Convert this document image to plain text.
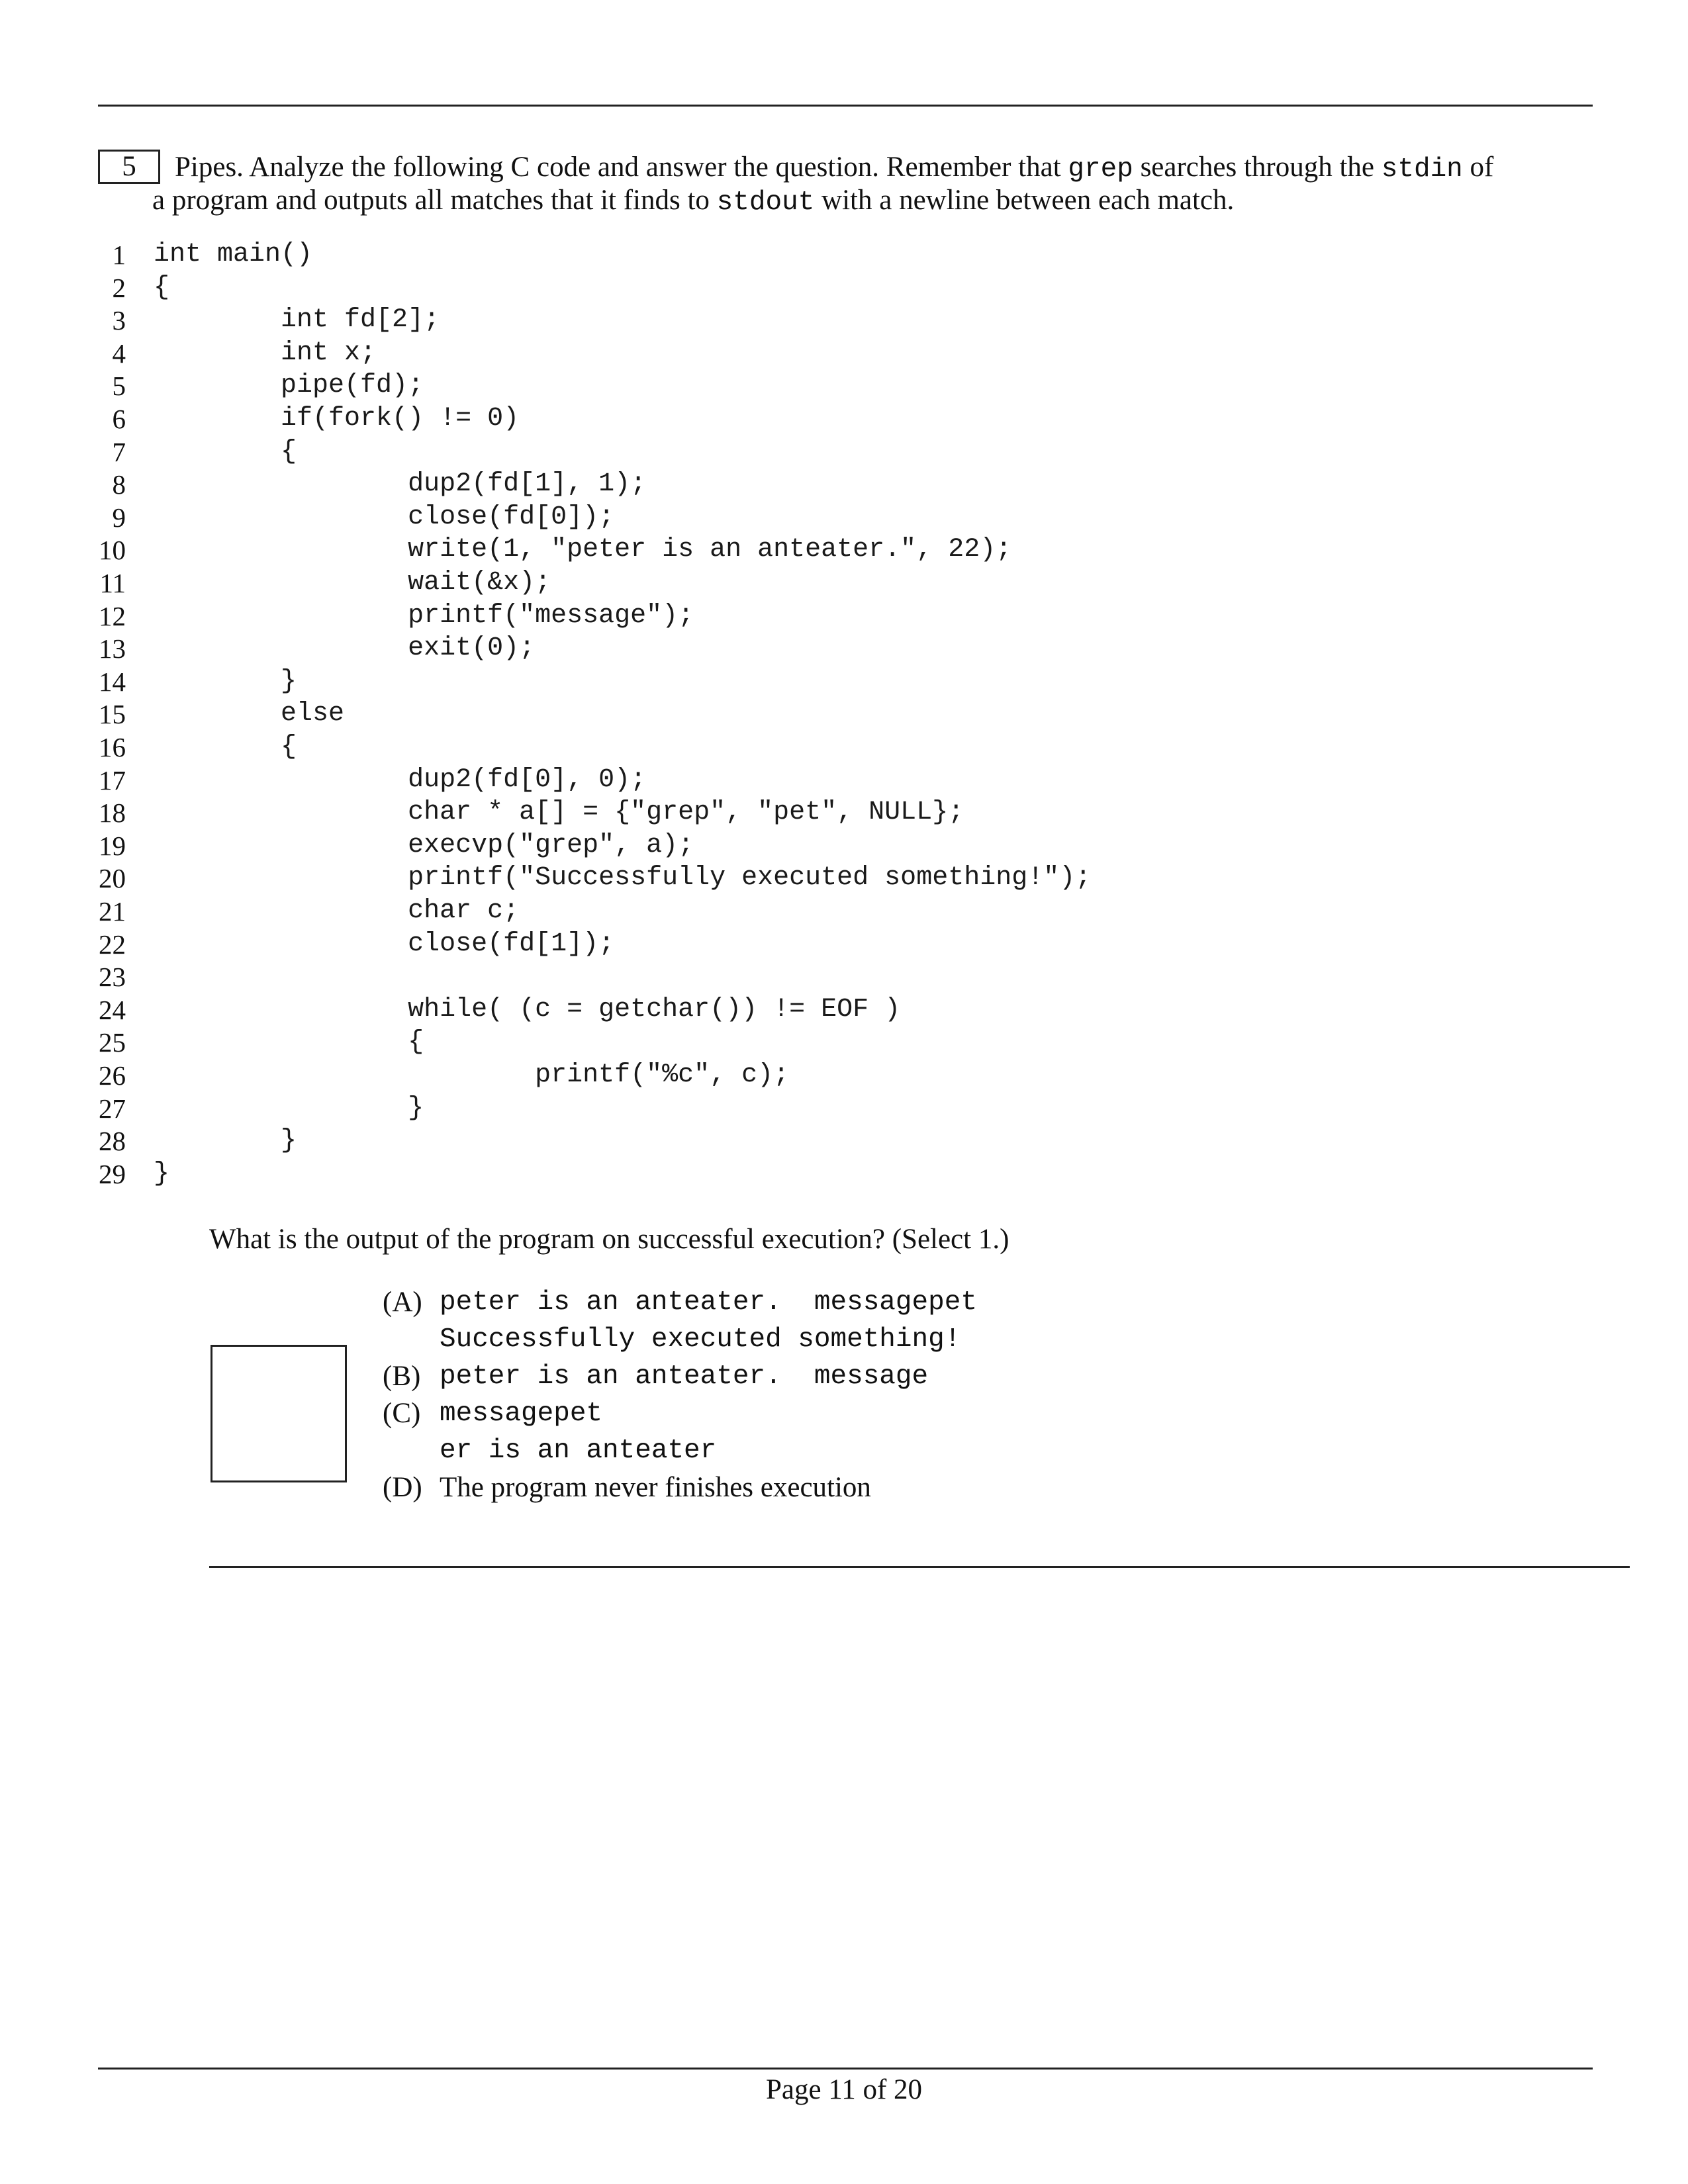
5	Pipes. Analyze the following C code and answer the question. Remember that grep searches through the stdin of
a program and outputs all matches that it finds to stdout with a newline between each match.
1 int main()
2 {
3 int fd[2];
4 int x;
5 pipe(fd);
6 if(fork() != 0)
7 {
8 dup2(fd[1], 1);
9 close(fd[0]);
10 write(1, "peter is an anteater.", 22);
11 wait(&x);
12 printf("message");
13 exit(0);
14 }
15 else
16 {
17 dup2(fd[0], 0);
18 char * a[] = {"grep", "pet", NULL};
19 execvp("grep", a);
20 printf("Successfully executed something!");
21 char c;
22 close(fd[1]);
23
24 while( (c = getchar()) != EOF )
25 {
26 printf("%c", c);
27 }
28 }
29 }
What is the output of the program on successful execution? (Select 1.)
(A) peter is an anteater.  messagepet
Successfully executed something!
(B) peter is an anteater.  message
(C) messagepet
er is an anteater
(D) The program never finishes execution
Page 11 of 20
